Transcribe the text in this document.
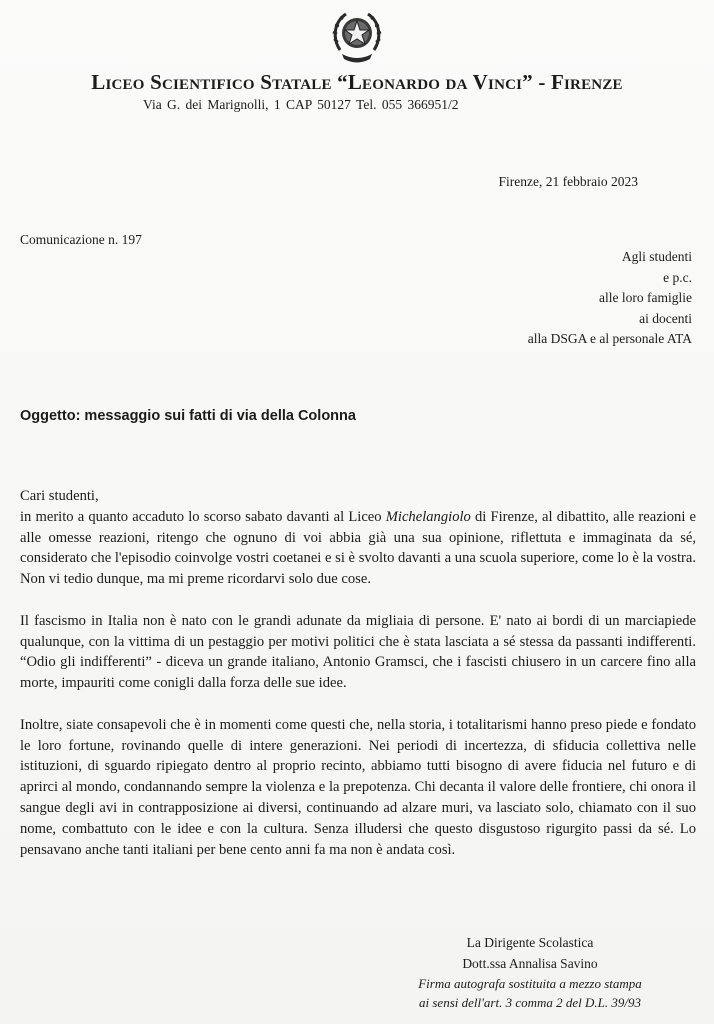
Liceo Scientifico Statale “Leonardo da Vinci” - Firenze
Via G. dei Marignolli, 1 CAP 50127 Tel. 055 366951/2
Firenze, 21 febbraio 2023
Comunicazione n. 197
Agli studenti
e p.c.
alle loro famiglie
ai docenti
alla DSGA e al personale ATA
Oggetto: messaggio sui fatti di via della Colonna

Cari studenti,

in merito a quanto accaduto lo scorso sabato davanti al Liceo Michelangiolo di Firenze, al dibattito, alle reazioni e alle omesse reazioni, ritengo che ognuno di voi abbia già una sua opinione, riflettuta e immaginata da sé, considerato che l'episodio coinvolge vostri coetanei e si è svolto davanti a una scuola superiore, come lo è la vostra. Non vi tedio dunque, ma mi preme ricordarvi solo due cose.

Il fascismo in Italia non è nato con le grandi adunate da migliaia di persone. E' nato ai bordi di un marciapiede qualunque, con la vittima di un pestaggio per motivi politici che è stata lasciata a sé stessa da passanti indifferenti. “Odio gli indifferenti” - diceva un grande italiano, Antonio Gramsci, che i fascisti chiusero in un carcere fino alla morte, impauriti come conigli dalla forza delle sue idee.

Inoltre, siate consapevoli che è in momenti come questi che, nella storia, i totalitarismi hanno preso piede e fondato le loro fortune, rovinando quelle di intere generazioni. Nei periodi di incertezza, di sfiducia collettiva nelle istituzioni, di sguardo ripiegato dentro al proprio recinto, abbiamo tutti bisogno di avere fiducia nel futuro e di aprirci al mondo, condannando sempre la violenza e la prepotenza. Chi decanta il valore delle frontiere, chi onora il sangue degli avi in contrapposizione ai diversi, continuando ad alzare muri, va lasciato solo, chiamato con il suo nome, combattuto con le idee e con la cultura. Senza illudersi che questo disgustoso rigurgito passi da sé. Lo pensavano anche tanti italiani per bene cento anni fa ma non è andata così.

La Dirigente Scolastica
Dott.ssa Annalisa Savino
Firma autografa sostituita a mezzo stampa
ai sensi dell'art. 3 comma 2 del D.L. 39/93
